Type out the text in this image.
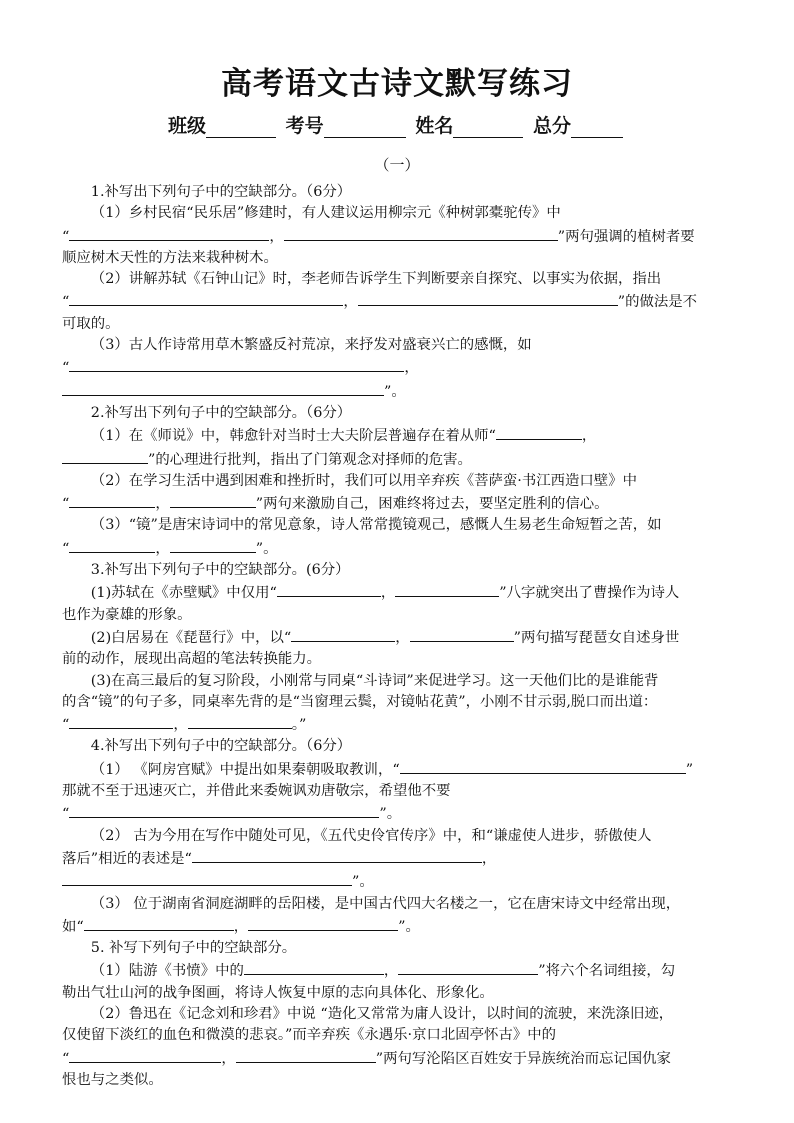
高考语文古诗文默写练习
班级	考号	姓名	总分
（一）

1.补写出下列句子中的空缺部分。（6分）

（1）乡村民宿“民乐居”修建时，有人建议运用柳宗元《种树郭橐驼传》中

“	，	”两句强调的植树者要

顺应树木天性的方法来栽种树木。

（2）讲解苏轼《石钟山记》时，李老师告诉学生下判断要亲自探究、以事实为依据，指出

“	，	”的做法是不

可取的。

（3）古人作诗常用草木繁盛反衬荒凉，来抒发对盛衰兴亡的感慨，如

“	，

”。

2.补写出下列句子中的空缺部分。（6分）

（1）在《师说》中，韩愈针对当时士大夫阶层普遍存在着从师“	，

”的心理进行批判，指出了门第观念对择师的危害。

（2）在学习生活中遇到困难和挫折时，我们可以用辛弃疾《菩萨蛮·书江西造口壁》中

“	，	”两句来激励自己，困难终将过去，要坚定胜利的信心。

（3）“镜”是唐宋诗词中的常见意象，诗人常常揽镜观己，感慨人生易老生命短暂之苦，如

“	，	”。

3.补写出下列句子中的空缺部分。(6分）

(1)苏轼在《赤壁赋》中仅用“	，	”八字就突出了曹操作为诗人

也作为豪雄的形象。

(2)白居易在《琵琶行》中，以“	，	”两句描写琵琶女自述身世

前的动作，展现出高超的笔法转换能力。

(3)在高三最后的复习阶段，小刚常与同桌“斗诗词”来促进学习。这一天他们比的是谁能背

的含“镜”的句子多，同桌率先背的是“当窗理云鬓，对镜帖花黄”，小刚不甘示弱,脱口而出道：

“	，	。”

4.补写出下列句子中的空缺部分。（6分）

（1） 《阿房宫赋》中提出如果秦朝吸取教训，“	”

那就不至于迅速灭亡，并借此来委婉讽劝唐敬宗，希望他不要

“	”。

（2） 古为今用在写作中随处可见，《五代史伶官传序》中，和“谦虚使人进步，骄傲使人

落后”相近的表述是“	，

”。

（3） 位于湖南省洞庭湖畔的岳阳楼，是中国古代四大名楼之一，它在唐宋诗文中经常出现，

如“	，	”。

5. 补写下列句子中的空缺部分。

（1）陆游《书愤》中的	，	”将六个名词组接，勾

勒出气壮山河的战争图画，将诗人恢复中原的志向具体化、形象化。

（2）鲁迅在《记念刘和珍君》中说 “造化又常常为庸人设计，以时间的流驶，来洗涤旧迹，

仅使留下淡红的血色和微漠的悲哀。”而辛弃疾《永遇乐·京口北固亭怀古》中的

“	，	”两句写沦陷区百姓安于异族统治而忘记国仇家

恨也与之类似。
